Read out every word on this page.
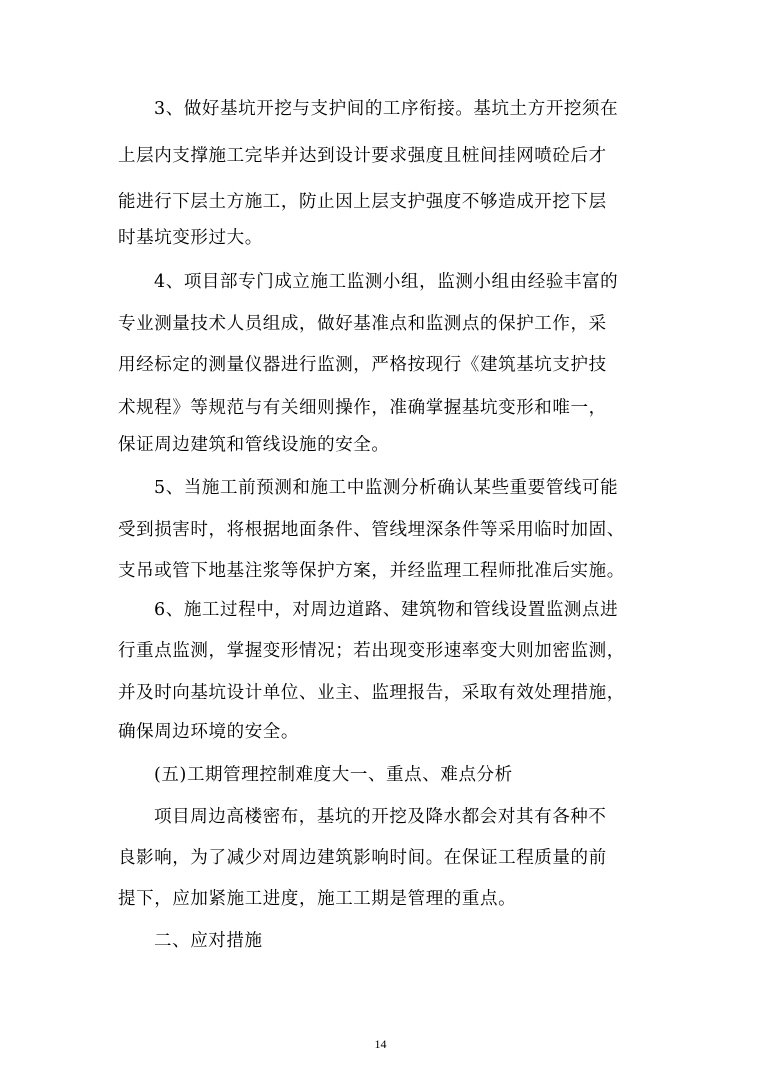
3、做好基坑开挖与支护间的工序衔接。基坑土方开挖须在
上层内支撑施工完毕并达到设计要求强度且桩间挂网喷砼后才
能进行下层土方施工，防止因上层支护强度不够造成开挖下层
时基坑变形过大。
4、项目部专门成立施工监测小组，监测小组由经验丰富的
专业测量技术人员组成，做好基准点和监测点的保护工作，采
用经标定的测量仪器进行监测，严格按现行《建筑基坑支护技
术规程》等规范与有关细则操作，准确掌握基坑变形和唯一，
保证周边建筑和管线设施的安全。
5、当施工前预测和施工中监测分析确认某些重要管线可能
受到损害时，将根据地面条件、管线埋深条件等采用临时加固、
支吊或管下地基注浆等保护方案，并经监理工程师批准后实施。
6、施工过程中，对周边道路、建筑物和管线设置监测点进
行重点监测，掌握变形情况；若出现变形速率变大则加密监测，
并及时向基坑设计单位、业主、监理报告，采取有效处理措施，
确保周边环境的安全。
(五)工期管理控制难度大一、重点、难点分析
项目周边高楼密布，基坑的开挖及降水都会对其有各种不
良影响，为了减少对周边建筑影响时间。在保证工程质量的前
提下，应加紧施工进度，施工工期是管理的重点。
二、应对措施
14
